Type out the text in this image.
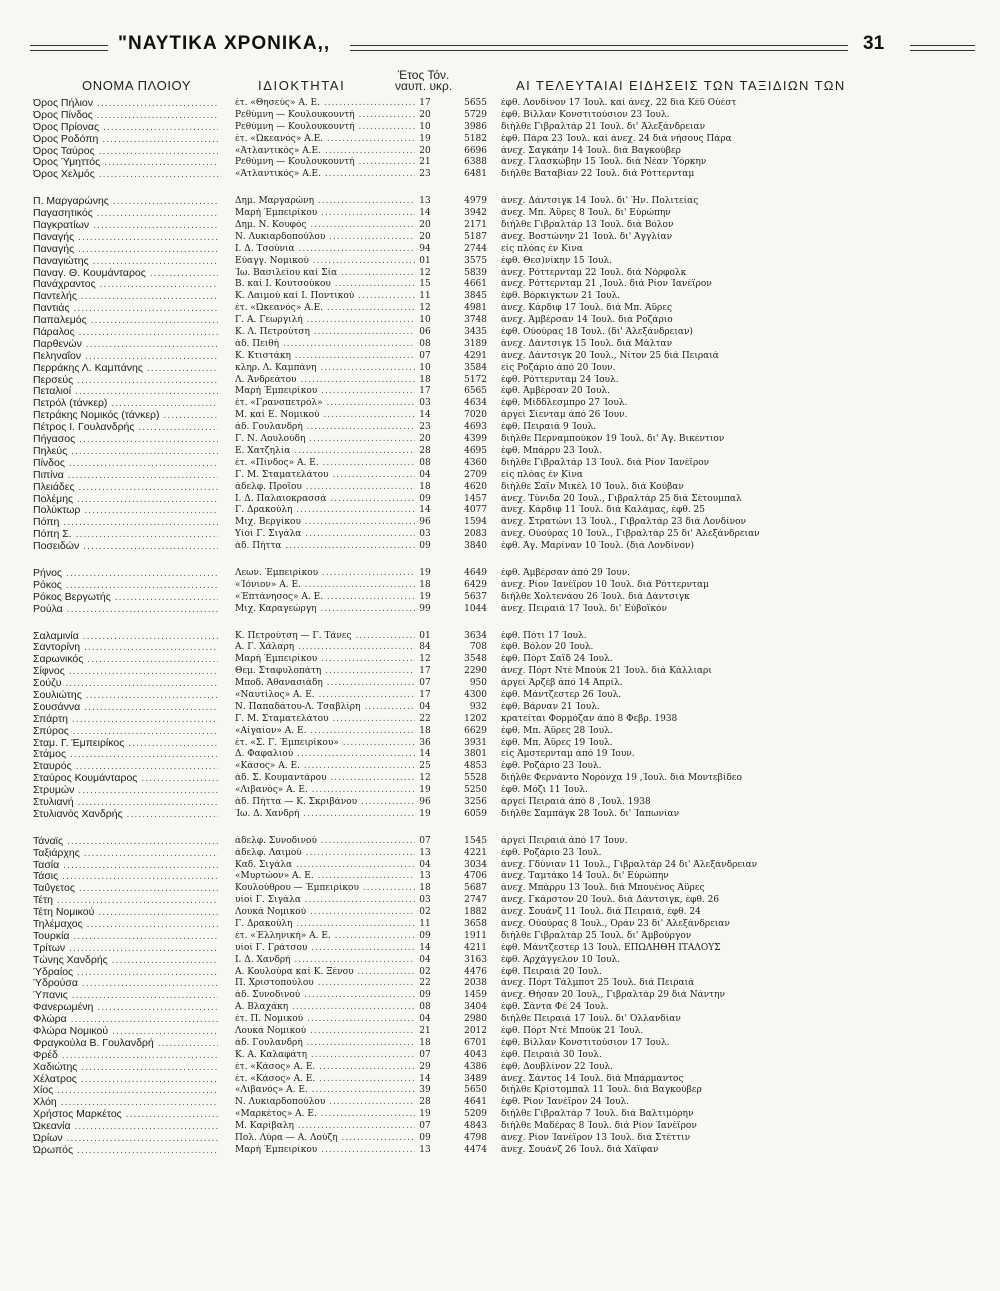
"ΝΑΥΤΙΚΑ ΧΡΟΝΙΚΑ,,	31
ΟΝΟΜΑ ΠΛΟΙΟΥ	ΙΔΙΟΚΤΗΤΑΙ
Έτος Τόν.
ναυπ. υκρ.	ΑΙ ΤΕΛΕΥΤΑΙΑΙ ΕΙΔΗΣΕΙΣ ΤΩΝ ΤΑΞΙΔΙΩΝ ΤΩΝ
Όρος Πήλιον .....	έτ. «Θησεύς» Α. Ε. .....	17	5655 έφθ. Λονδίνον 17 Ίουλ. καί άνεχ. 22 διά Κέϋ Ούέστ
Όρος Πίνδος .....	Ρεθύμνη — Κουλουκουντή .....	20	5729 έφθ. Βίλλαν Κονστιτούσιον 23 Ίουλ.
Όρος Πρίονας .....	Ρεθύμνη — Κουλουκουντή .....	10	3986 διήλθε Γιβραλτάρ 21 Ίουλ. δι' Άλεξάνδρειαν
Όρος Ροδόπη .....	έτ. «Ώκεανός» Α.Ε. .....	19	5182 έφθ. Πάρα 23 Ίουλ. καί άνεχ. 24 διά νήσους Πάρα
Όρος Ταύρος .....	«Άτλαντικός» Α.Ε. .....	20	6696 άνεχ. Σαγκάην 14 Ίουλ. διά Βαγκούβερ
Όρος Ύμηττός .....	Ρεθύμνη — Κουλουκουντή .....	21	6388 άνεχ. Γλασκώβην 15 Ίουλ. διά Νέαν Ύόρκην
Όρος Χελμός .....	«Άτλαντικός» Α.Ε. .....	23	6481 διήλθε Βαταβίαν 22 Ίουλ. διά Ρόττερνταμ
Π. Μαργαρώνης .....	Δημ. Μαργαρώνη .....	13	4979 άνεχ. Δάντσιγκ 14 Ίουλ. δι' Ήν. Πολιτείας
Παγασητικός .....	Μαρή Έμπειρίκου .....	14	3942 άνεχ. Μπ. Άϋρες 8 Ίουλ. δι' Εύρώπην
Παγκρατίων .....	Δημ. Ν. Κουφός .....	20	2171 διήλθε Γιβραλτάρ 13 Ίουλ. διά Βόλον
Παναγής .....	Ν. Λυκιαρδοπούλου .....	20	5187 άνεχ. Βοστώνην 21 Ίουλ. δι' Άγγλίαν
Παναγής .....	Ι. Δ. Τσούνια .....	94	2744 είς πλόας έν Κίνα
Παναγιώτης .....	Εύαγγ. Νομικού .....	01	3575 έφθ. Θεσ)νίκην 15 Ίουλ.
Παναγ. Θ. Κουμάνταρος .....	Ίω. Βασιλείου καί Σία .....	12	5839 άνεχ. Ρόττερνταμ 22 Ίουλ. διά Νόρφολκ
Πανάχραντος .....	Β. καί Ι. Κουτσούκου .....	15	4661 άνεχ. Ρόττερνταμ 21 ,Ίουλ. διά Ρίον Ίανέϊρον
Παντελής .....	Κ. Λαιμού καί Ι. Ποντικού .....	11	3845 έφθ. Βόρκιγκτων 21 Ίουλ.
Παντιάς .....	έτ. «Ώκεανός» Α.Ε. .....	12	4981 άνεχ. Κάρδιφ 17 Ίουλ. διά Μπ. Άϋρες
Παπαλεμός .....	Γ. Α. Γεωργιλή .....	10	3748 άνεχ. Άμβέρσαν 14 Ίουλ. διά Ροζάριο
Πάραλος .....	Κ. Λ. Πετρούτση .....	06	3435 έφθ. Ούούρας 18 Ίουλ. (δι' Άλεξάνδρειαν)
Παρθενών .....	άδ. Πειθή .....	08	3189 άνεχ. Δάντσιγκ 15 Ίουλ. διά Μάλταν
Πεληναΐον .....	Κ. Κτιστάκη .....	07	4291 άνεχ. Δάντσιγκ 20 Ίουλ., Νίτον 25 διά Πειραιά
Περράκης Λ. Καμπάνης .....	κληρ. Λ. Καμπάνη .....	10	3584 είς Ροζάριο άπό 20 Ίουν.
Περσεύς .....	Λ. Άνδρεάτου .....	18	5172 έφθ. Ρόττερνταμ 24 Ίουλ.
Πεταλιοί .....	Μαρή Έμπειρίκου .....	17	6565 έφθ. Άμβέρσαν 20 Ίουλ.
Πετρόλ (τάνκερ) .....	έτ. «Γρανσπετρόλ» .....	03	4634 έφθ. Μίδδλεσμπρο 27 Ίουλ.
Πετράκης Νομικός (τάνκερ) .....	Μ. καί Ε. Νομικού .....	14	7020 άργεί Σίενταμ άπό 26 Ίουν.
Πέτρος Ι. Γουλανδρής .....	άδ. Γουλανδρή .....	23	4693 έφθ. Πειραιά 9 Ίουλ.
Πήγασος .....	Γ. Ν. Λουλούδη .....	20	4399 διήλθε Περναμπούκον 19 Ίουλ. δι' Άγ. Βικέντιον
Πηλεύς .....	Ε. Χατζηλία .....	28	4695 έφθ. Μπάρρυ 23 Ίουλ.
Πίνδος .....	έτ. «Πίνδος» Α. Ε. .....	08	4360 διήλθε Γιβραλτάρ 13 Ίουλ. διά Ρίον Ίανέϊρον
Πιπίνα .....	Γ. Μ. Σταματελάτου .....	04	2709 είς πλόας έν Κίνα
Πλειάδες .....	άδελφ. Προΐου .....	18	4620 διήλθε Σαϊν Μικέλ 10 Ίουλ. διά Κούβαν
Πολέμης .....	Ι. Δ. Παλαιοκρασσά .....	09	1457 άνεχ. Τύνιδα 20 Ίουλ., Γιβραλτάρ 25 διά Σέτουμπαλ
Πολύκτωρ .....	Γ. Δρακούλη .....	14	4077 άνεχ. Κάρδιφ 11 Ίουλ. διά Καλάμας, έφθ. 25
Πόπη .....	Μιχ. Βεργίκου .....	96	1594 άνεχ. Στρατώνι 13 Ίουλ., Γιβραλτάρ 23 διά Λονδίνον
Πόπη Σ. .....	Υίοί Γ. Σιγάλα .....	03	2083 άνεχ. Ούούρας 10 Ίουλ., Γιβραλτάρ 25 δι' Άλεξάνδρειαν
Ποσειδών .....	άδ. Πήττα .....	09	3840 έφθ. Άγ. Μαρίναν 10 Ίουλ. (διά Λονδίνον)
Ρήνος .....	Λεων. Έμπειρίκου .....	19	4649 έφθ. Άμβέρσαν άπό 29 Ίουν.
Ρόκος .....	«Ίόνιον» Α. Ε. .....	18	6429 άνεχ. Ρίον Ίανέϊρον 10 Ίουλ. διά Ρόττερνταμ
Ρόκος Βεργωτής .....	«Έπτάνησος» Α. Ε. .....	19	5637 διήλθε Χολτενάου 26 Ίουλ. διά Δάντσιγκ
Ρούλα .....	Μιχ. Καραγεώργη .....	99	1044 άνεχ. Πειραιά 17 Ίουλ. δι' Εύβοϊκόν
Σαλαμινία .....	Κ. Πετρούτση — Γ. Τάνες .....	01	3634 έφθ. Πότι 17 Ίουλ.
Σαντορίνη .....	Α. Γ. Χάλαρη .....	84	708 έφθ. Βόλον 20 Ίουλ.
Σαρωνικός .....	Μαρή Έμπειρίκου .....	12	3548 έφθ. Πόρτ Σαΐδ 24 Ίουλ.
Σίφνος .....	Θεμ. Σταφυλοπάτη .....	17	2290 άνεχ. Πόρτ Ντέ Μπούκ 21 Ίουλ. διά Κάλλιαρι
Σούζυ .....	Μποδ. Άθανασιάδη .....	07	950 άργεί Άρζέβ άπό 14 Άπρίλ.
Σουλιώτης .....	«Ναυτίλος» Α. Ε. .....	17	4300 έφθ. Μάντζεστερ 26 Ίουλ.
Σουσάννα .....	Ν. Παπαδάτου-Λ. Τσαβλίρη .....	04	932 έφθ. Βάρναν 21 Ίουλ.
Σπάρτη .....	Γ. Μ. Σταματελάτου .....	22	1202 κρατείται Φορμόζαν άπό 8 Φεβρ. 1938
Σπύρος .....	«Αίγαίον» Α. Ε. .....	18	6629 έφθ. Μπ. Άϋρες 28 Ίουλ.
Σταμ. Γ. Έμπειρίκος .....	έτ. «Σ. Γ. Έμπειρίκου» .....	36	3931 έφθ. Μπ. Άϋρες 19 Ίουλ.
Στάμος .....	Δ. Φαφαλιού .....	14	3801 είς Άμστερνταμ άπό 19 Ίουν.
Σταυρός .....	«Κάσος» Α. Ε. .....	25	4853 έφθ. Ροζάριο 23 Ίουλ.
Σταύρος Κουμάνταρος .....	άδ. Σ. Κουμαντάρου .....	12	5528 διήλθε Φερνάντο Νορόνχα 19 ,Ίουλ. διά Μοντεβίδεο
Στρυμών .....	«Λιβανός» Α. Ε. .....	19	5250 έφθ. Μόζι 11 Ίουλ.
Στυλιανή .....	άδ. Πήττα — Κ. Σκριβάνου .....	96	3256 άργεί Πειραιά άπό 8 ,Ίουλ. 1938
Στυλιανός Χανδρής .....	Ίω. Δ. Χανδρή .....	19	6059 διήλθε Σαμπάγκ 28 Ίουλ. δι' Ίαπωνίαν
Τάναϊς .....	άδελφ. Συνοδινού .....	07	1545 άργεί Πειραιά άπό 17 Ίουν.
Ταξιάρχης .....	άδελφ. Λαιμού .....	13	4221 έφθ. Ροζάριο 23 Ίουλ.
Τασία .....	Καδ. Σιγάλα .....	04	3034 άνεχ. Γδύνιαν 11 Ίουλ., Γιβραλτάρ 24 δι' Άλεξάνδρειαν
Τάσις .....	«Μυρτώον» Α. Ε. .....	13	4706 άνεχ. Ταμτάκο 14 Ίουλ. δι' Εύρώπην
Ταΰγετος .....	Κουλούθρου — Έμπειρίκου .....	18	5687 άνεχ. Μπάρρυ 13 Ίουλ. διά Μπουένος Άϋρες
Τέτη .....	υίοί Γ. Σιγάλα .....	03	2747 άνεχ. Γκάρστον 20 Ίουλ. διά Δάντσιγκ, έφθ. 26
Τέτη Νομικού .....	Λουκά Νομικού .....	02	1882 άνεχ. Σουάνζ 11 Ίουλ. διά Πειραιά, έφθ. 24
Τηλέμαχος .....	Γ. Δρακούλη .....	11	3658 άνεχ. Ούούρας 8 Ίουλ., Όράν 23 δι' Άλεξάνδρειαν
Τουρκία .....	έτ. «Έλληνική» Α. Ε. .....	09	1911 διήλθε Γιβραλτάρ 25 Ίουλ. δι' Άμβούργον
Τρίτων .....	υίοί Γ. Γράτσου .....	14	4211 έφθ. Μάντζεστερ 13 Ίουλ. ΕΠΩΛΗΘΗ ΙΤΑΛΟΥΣ
Τώνης Χανδρής .....	Ι. Δ. Χανδρή .....	04	3163 έφθ. Άρχάγγελον 10 Ίουλ.
Ύδραίος .....	Α. Κουλούρα καί Κ. Ξένου .....	02	4476 έφθ. Πειραιά 20 Ίουλ.
Ύδρούσα .....	Π. Χριστοπούλου .....	22	2038 άνεχ. Πόρτ Τάλμποτ 25 Ίουλ. διά Πειραιά
Ύπανις .....	άδ. Συνοδινού .....	09	1459 άνεχ. Θήσαν 20 Ίουλ,, Γιβραλτάρ 29 διά Νάντην
Φανερωμένη .....	Α. Βλαχάκη .....	08	3404 έφθ. Σάντα Φέ 24 Ίουλ.
Φλώρα .....	έτ. Π. Νομικού .....	04	2980 διήλθε Πειραιά 17 Ίουλ. δι' Όλλανδίαν
Φλώρα Νομικού .....	Λουκά Νομικού .....	21	2012 έφθ. Πόρτ Ντέ Μπούκ 21 Ίουλ.
Φραγκούλα Β. Γουλανδρή .....	άδ. Γουλανδρή .....	18	6701 έφθ. Βίλλαν Κονστιτούσιον 17 Ίουλ.
Φρέδ .....	Κ. Α. Καλαφάτη .....	07	4043 έφθ. Πειραιά 30 Ίουλ.
Χαδιώτης .....	έτ. «Κάσος» Α. Ε. .....	29	4386 έφθ. Δουβλίνον 22 Ίουλ.
Χέλατρος .....	έτ. «Κάσος» Α. Ε. .....	14	3489 άνεχ. Σάντος 14 Ίουλ. διά Μπάρμαντος
Χίος .....	«Λιβανός» Α. Ε. .....	39	5650 διήλθε Κρίστομπαλ 11 Ίουλ. διά Βαγκούβερ
Χλόη .....	Ν. Λυκιαρδοπούλου .....	28	4641 έφθ. Ρίον Ίανέϊρον 24 Ίουλ.
Χρήστος Μαρκέτος .....	«Μαρκέτος» Α. Ε. .....	19	5209 διήλθε Γιβραλτάρ 7 Ίουλ. διά Βαλτιμόρην
Ώκεανία .....	Μ. Καρίβαλη .....	07	4843 διήλθε Μαδέρας 8 Ίουλ. διά Ρίον Ίανέϊρον
Ώρίων .....	Πολ. Λύρα — Α. Λούζη .....	09	4798 άνεχ. Ρίον Ίανέϊρον 13 Ίουλ. διά Στέττιν
Ώρωπός .....	Μαρή Έμπειρίκου .....	13	4474 άνεχ. Σουάνζ 26 Ίουλ. διά Χάϊφαν
